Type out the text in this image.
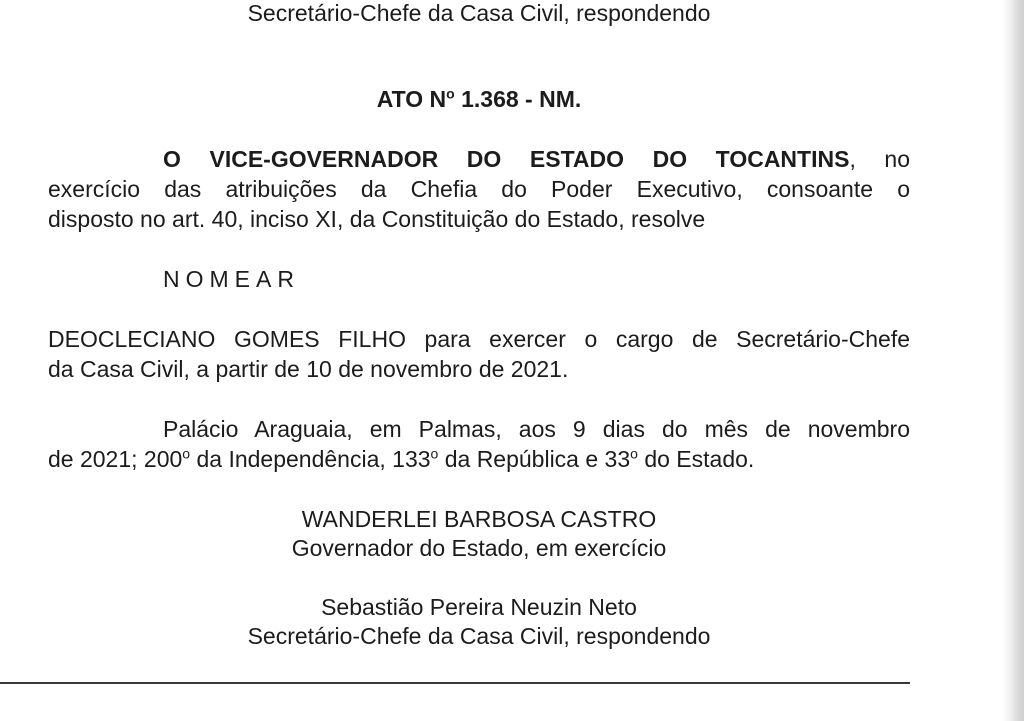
Secretário-Chefe da Casa Civil, respondendo
ATO $N^o$ 1.368 - NM.
O VICE-GOVERNADOR DO ESTADO DO TOCANTINS, no
exercício das atribuições da Chefia do Poder Executivo, consoante o
disposto no art. 40, inciso XI, da Constituição do Estado, resolve
NOMEAR
DEOCLECIANO GOMES FILHO para exercer o cargo de Secretário-Chefe
da Casa Civil, a partir de 10 de novembro de 2021.
Palácio Araguaia, em Palmas, aos 9 dias do mês de novembro
de 2021; 200$^o$ da Independência, 133$^o$ da República e 33$^o$ do Estado.
WANDERLEI BARBOSA CASTRO
Governador do Estado, em exercício
Sebastião Pereira Neuzin Neto
Secretário-Chefe da Casa Civil, respondendo
